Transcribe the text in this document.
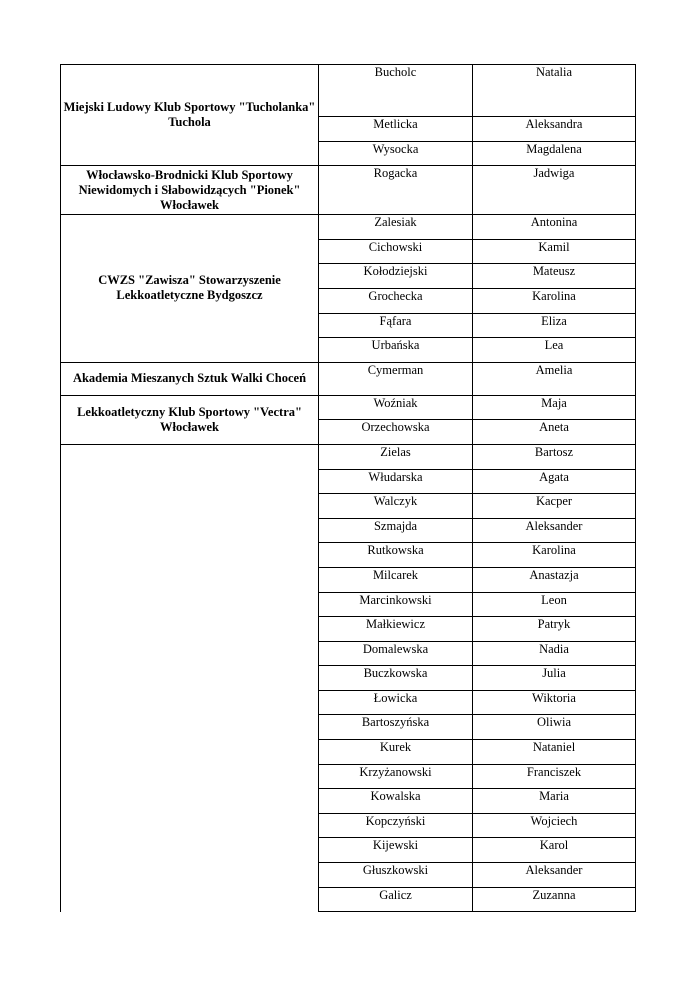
Miejski Ludowy Klub Sportowy "Tucholanka" Tuchola	Bucholc	Natalia
	Metlicka	Aleksandra
	Wysocka	Magdalena
Włocławsko-Brodnicki Klub Sportowy Niewidomych i Słabowidzących "Pionek" Włocławek	Rogacka	Jadwiga
CWZS "Zawisza" Stowarzyszenie Lekkoatletyczne Bydgoszcz	Zalesiak	Antonina
	Cichowski	Kamil
	Kołodziejski	Mateusz
	Grochecka	Karolina
	Fąfara	Eliza
	Urbańska	Lea
Akademia Mieszanych Sztuk Walki Choceń	Cymerman	Amelia
Lekkoatletyczny Klub Sportowy "Vectra" Włocławek	Woźniak	Maja
	Orzechowska	Aneta
	Zielas	Bartosz
	Włudarska	Agata
	Walczyk	Kacper
	Szmajda	Aleksander
	Rutkowska	Karolina
	Milcarek	Anastazja
	Marcinkowski	Leon
	Małkiewicz	Patryk
	Domalewska	Nadia
	Buczkowska	Julia
	Łowicka	Wiktoria
	Bartoszyńska	Oliwia
	Kurek	Nataniel
	Krzyżanowski	Franciszek
	Kowalska	Maria
	Kopczyński	Wojciech
	Kijewski	Karol
	Głuszkowski	Aleksander
	Galicz	Zuzanna
